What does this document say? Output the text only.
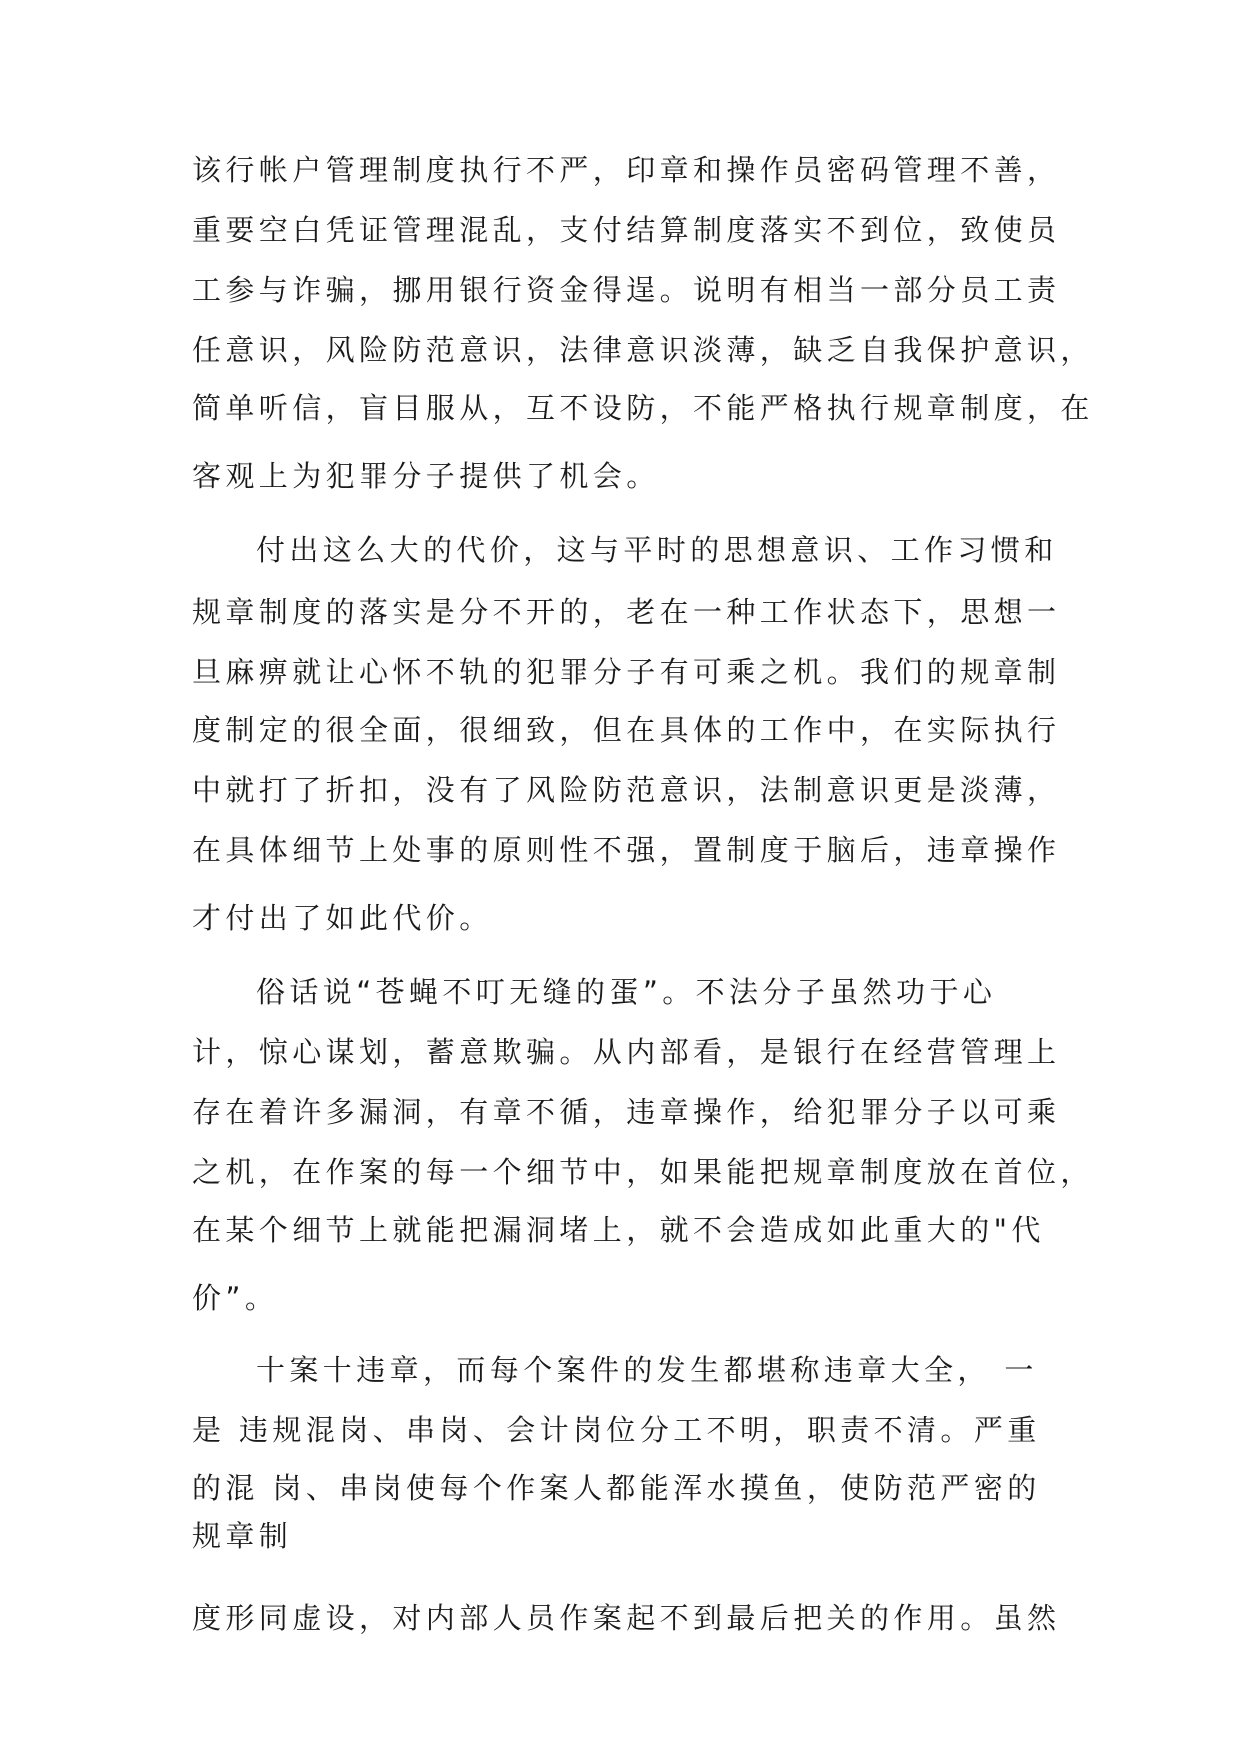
该行帐户管理制度执行不严，印章和操作员密码管理不善，
重要空白凭证管理混乱，支付结算制度落实不到位，致使员
工参与诈骗，挪用银行资金得逞。说明有相当一部分员工责
任意识，风险防范意识，法律意识淡薄，缺乏自我保护意识，
简单听信，盲目服从，互不设防，不能严格执行规章制度，在
客观上为犯罪分子提供了机会。
付出这么大的代价，这与平时的思想意识、工作习惯和
规章制度的落实是分不开的，老在一种工作状态下，思想一
旦麻痹就让心怀不轨的犯罪分子有可乘之机。我们的规章制
度制定的很全面，很细致，但在具体的工作中，在实际执行
中就打了折扣，没有了风险防范意识，法制意识更是淡薄，
在具体细节上处事的原则性不强，置制度于脑后，违章操作
才付出了如此代价。
俗话说“苍蝇不叮无缝的蛋”。不法分子虽然功于心
计，惊心谋划，蓄意欺骗。从内部看，是银行在经营管理上
存在着许多漏洞，有章不循，违章操作，给犯罪分子以可乘
之机，在作案的每一个细节中，如果能把规章制度放在首位，
在某个细节上就能把漏洞堵上，就不会造成如此重大的"代
价”。
十案十违章，而每个案件的发生都堪称违章大全， 一
是 违规混岗、串岗、会计岗位分工不明，职责不清。严重
的混 岗、串岗使每个作案人都能浑水摸鱼，使防范严密的
规章制
度形同虚设，对内部人员作案起不到最后把关的作用。虽然
